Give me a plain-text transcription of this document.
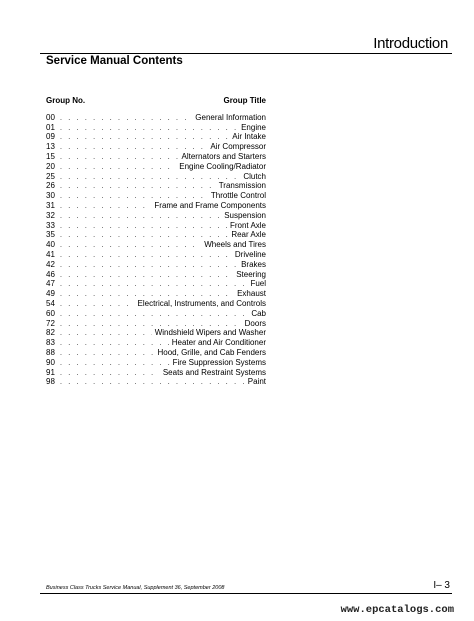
Introduction
Service Manual Contents
Group No.	Group Title
00 . . .	General Information
01 . . .	Engine
09 . . .	Air Intake
13 . . .	Air Compressor
15 . . .	Alternators and Starters
20 . . .	Engine Cooling/Radiator
25 . . .	Clutch
26 . . .	Transmission
30 . . .	Throttle Control
31 . . .	Frame and Frame Components
32 . . .	Suspension
33 . . .	Front Axle
35 . . .	Rear Axle
40 . . .	Wheels and Tires
41 . . .	Driveline
42 . . .	Brakes
46 . . .	Steering
47 . . .	Fuel
49 . . .	Exhaust
54 . . .	Electrical, Instruments, and Controls
60 . . .	Cab
72 . . .	Doors
82 . . .	Windshield Wipers and Washer
83 . . .	Heater and Air Conditioner
88 . . .	Hood, Grille, and Cab Fenders
90 . . .	Fire Suppression Systems
91 . . .	Seats and Restraint Systems
98 . . .	Paint
Business Class Trucks Service Manual, Supplement 36, September 2008	I– 3
www.epcatalogs.com
